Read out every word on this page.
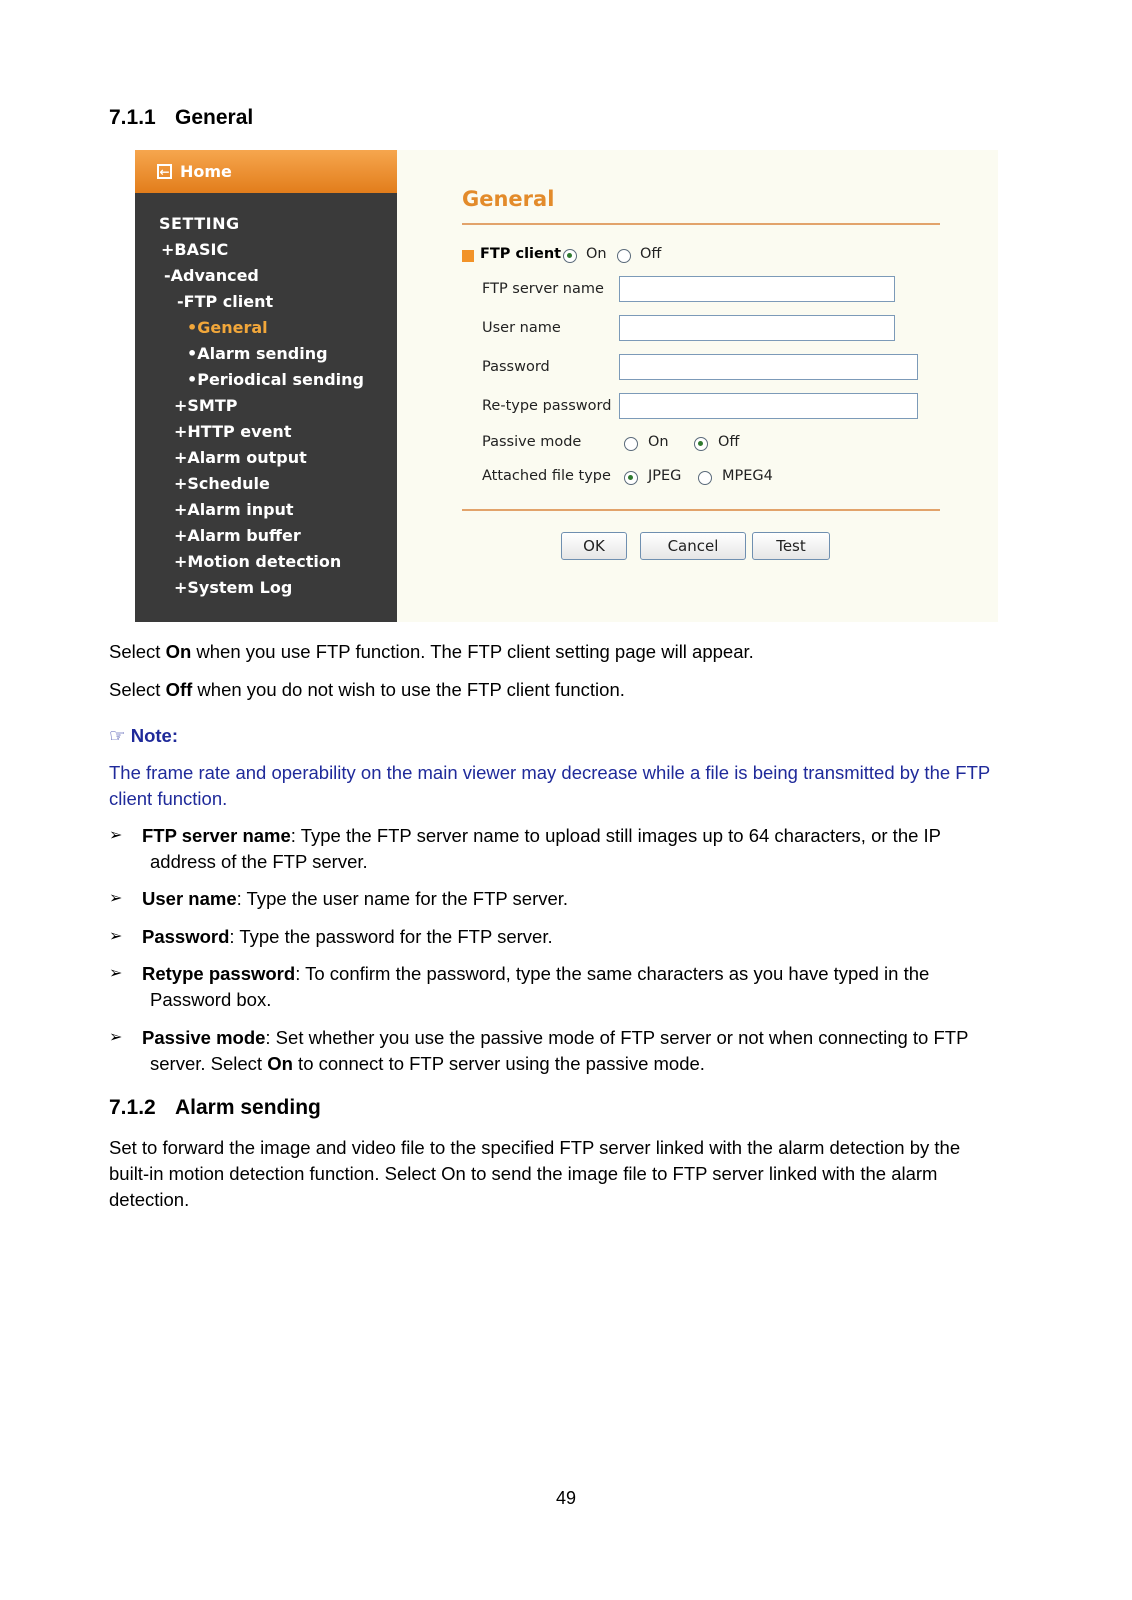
7.1.1 General
← Home
SETTING
+BASIC
-Advanced
-FTP client
•General
•Alarm sending
•Periodical sending
+SMTP
+HTTP event
+Alarm output
+Schedule
+Alarm input
+Alarm buffer
+Motion detection
+System Log
General
FTP client On Off
FTP server name
User name
Password
Re-type password
Passive mode	On	Off
Attached file type	JPEG	MPEG4
OK	Cancel	Test

Select On when you use FTP function. The FTP client setting page will appear.

Select Off when you do not wish to use the FTP client function.

☞ Note:

The frame rate and operability on the main viewer may decrease while a file is being transmitted by the FTP client function.

➢ FTP server name: Type the FTP server name to upload still images up to 64 characters, or the IP
address of the FTP server.
➢ User name: Type the user name for the FTP server.
➢ Password: Type the password for the FTP server.
➢ Retype password: To confirm the password, type the same characters as you have typed in the
Password box.
➢ Passive mode: Set whether you use the passive mode of FTP server or not when connecting to FTP
server. Select On to connect to FTP server using the passive mode.
7.1.2 Alarm sending
Set to forward the image and video file to the specified FTP server linked with the alarm detection by the
built-in motion detection function. Select On to send the image file to FTP server linked with the alarm
detection.
49
